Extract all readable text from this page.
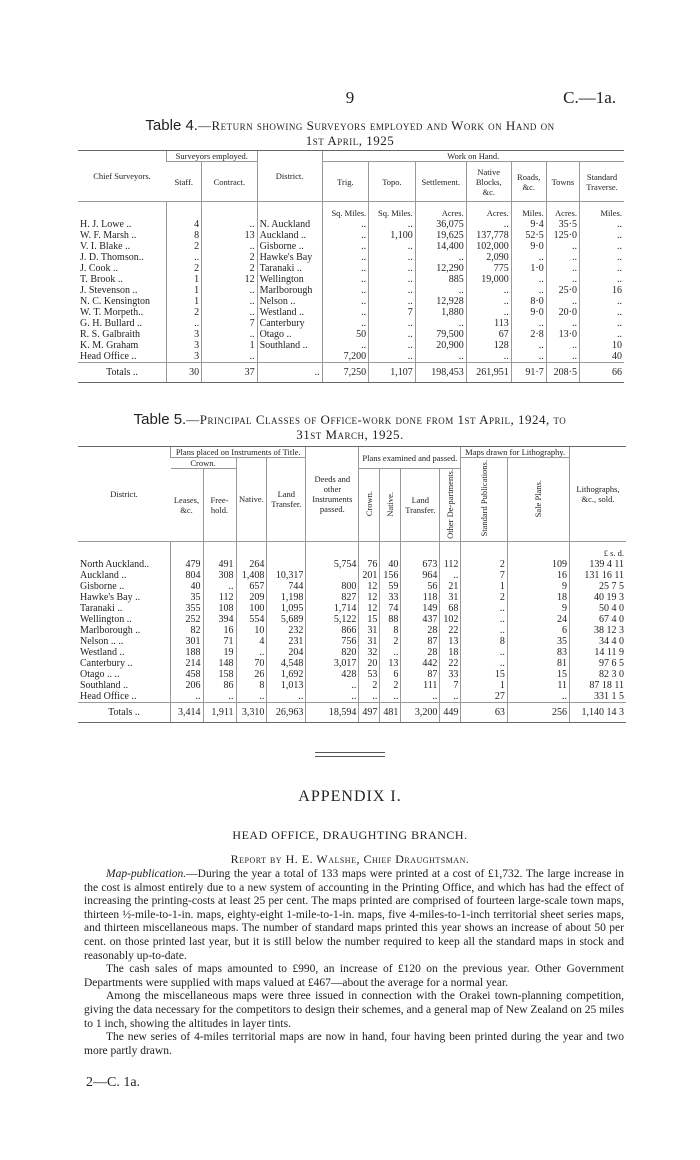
9	C.—1a.
Table 4.—Return showing Surveyors employed and Work on Hand on
1st April, 1925
Chief Surveyors.	Surveyors employed.		District.	Work on Hand.						
	Staff.	Contract.		Trig.	Topo.	Settlement.	Native Blocks, &c.	Roads, &c.	Towns	Standard Traverse.
				Sq. Miles.	Sq. Miles.	Acres.	Acres.	Miles.	Acres.	Miles.
H. J. Lowe ..	4	..	N. Auckland	..	..	36,075	..	9·4	35·5	..
W. F. Marsh ..	8	13	Auckland ..	..	1,100	19,625	137,778	52·5	125·0	..
V. I. Blake ..	2	..	Gisborne ..	..	..	14,400	102,000	9·0	..	..
J. D. Thomson..	..	2	Hawke's Bay	..	..	..	2,090	..	..	..
J. Cook ..	2	2	Taranaki ..	..	..	12,290	775	1·0	..	..
T. Brook ..	1	12	Wellington	..	..	885	19,000	..	..	..
J. Stevenson ..	1	..	Marlborough	..	..	..	..	..	25·0	16
N. C. Kensington	1	..	Nelson ..	..	..	12,928	..	8·0	..	..
W. T. Morpeth..	2	..	Westland ..	..	7	1,880	..	9·0	20·0	..
G. H. Bullard ..	..	7	Canterbury	..	..	..	113	..	..	..
R. S. Galbraith	3	..	Otago ..	50	..	79,500	67	2·8	13·0	..
K. M. Graham	3	1	Southland ..	..	..	20,900	128	..	..	10
Head Office ..	3	..		7,200	..	..	..	..	..	40
Totals ..	30	37	..	7,250	1,107	198,453	261,951	91·7	208·5	66
Table 5.—Principal Classes of Office-work done from 1st April, 1924, to
31st March, 1925.
District.	Plans placed on Instruments of Title.				Deeds and other Instruments passed.	Plans examined and passed.				Maps drawn for Lithography.		Lithographs, &c., sold.
	Crown.		Native.	Land Transfer.						Standard Publications.	Sale Plans.	
	Leases, &c.	Free-hold.				Crown.	Native.	Land Transfer.	Other De-partments.			
												£ s. d.
North Auckland..	479	491	264		5,754	76	40	673	112	2	109	139 4 11
Auckland ..	804	308	1,408	10,317		201	156	964	..	7	16	131 16 11
Gisborne ..	40	..	657	744	800	12	59	56	21	1	9	25 7 5
Hawke's Bay ..	35	112	209	1,198	827	12	33	118	31	2	18	40 19 3
Taranaki ..	355	108	100	1,095	1,714	12	74	149	68	..	9	50 4 0
Wellington ..	252	394	554	5,689	5,122	15	88	437	102	..	24	67 4 0
Marlborough ..	82	16	10	232	866	31	8	28	22	..	6	38 12 3
Nelson .. ..	301	71	4	231	756	31	2	87	13	8	35	34 4 0
Westland ..	188	19	..	204	820	32	..	28	18	..	83	14 11 9
Canterbury ..	214	148	70	4,548	3,017	20	13	442	22	..	81	97 6 5
Otago .. ..	458	158	26	1,692	428	53	6	87	33	15	15	82 3 0
Southland ..	206	86	8	1,013	..	2	2	111	7	1	11	87 18 11
Head Office ..	..	..	..	..	..	..	..	..	..	27	..	331 1 5
Totals ..	3,414	1,911	3,310	26,963	18,594	497	481	3,200	449	63	256	1,140 14 3
APPENDIX I.
HEAD OFFICE, DRAUGHTING BRANCH.
Report by H. E. Walshe, Chief Draughtsman.

Map-publication.—During the year a total of 133 maps were printed at a cost of £1,732. The large increase in the cost is almost entirely due to a new system of accounting in the Printing Office, and which has had the effect of increasing the printing-costs at least 25 per cent. The maps printed are comprised of fourteen large-scale town maps, thirteen ½-mile-to-1-in. maps, eighty-eight 1-mile-to-1-in. maps, five 4-miles-to-1-inch territorial sheet series maps, and thirteen miscellaneous maps. The number of standard maps printed this year shows an increase of about 50 per cent. on those printed last year, but it is still below the number required to keep all the standard maps in stock and reasonably up-to-date.

The cash sales of maps amounted to £990, an increase of £120 on the previous year. Other Government Departments were supplied with maps valued at £467—about the average for a normal year.

Among the miscellaneous maps were three issued in connection with the Orakei town-planning competition, giving the data necessary for the competitors to design their schemes, and a general map of New Zealand on 25 miles to 1 inch, showing the altitudes in layer tints.

The new series of 4-miles territorial maps are now in hand, four having been printed during the year and two more partly drawn.

2—C. 1a.
